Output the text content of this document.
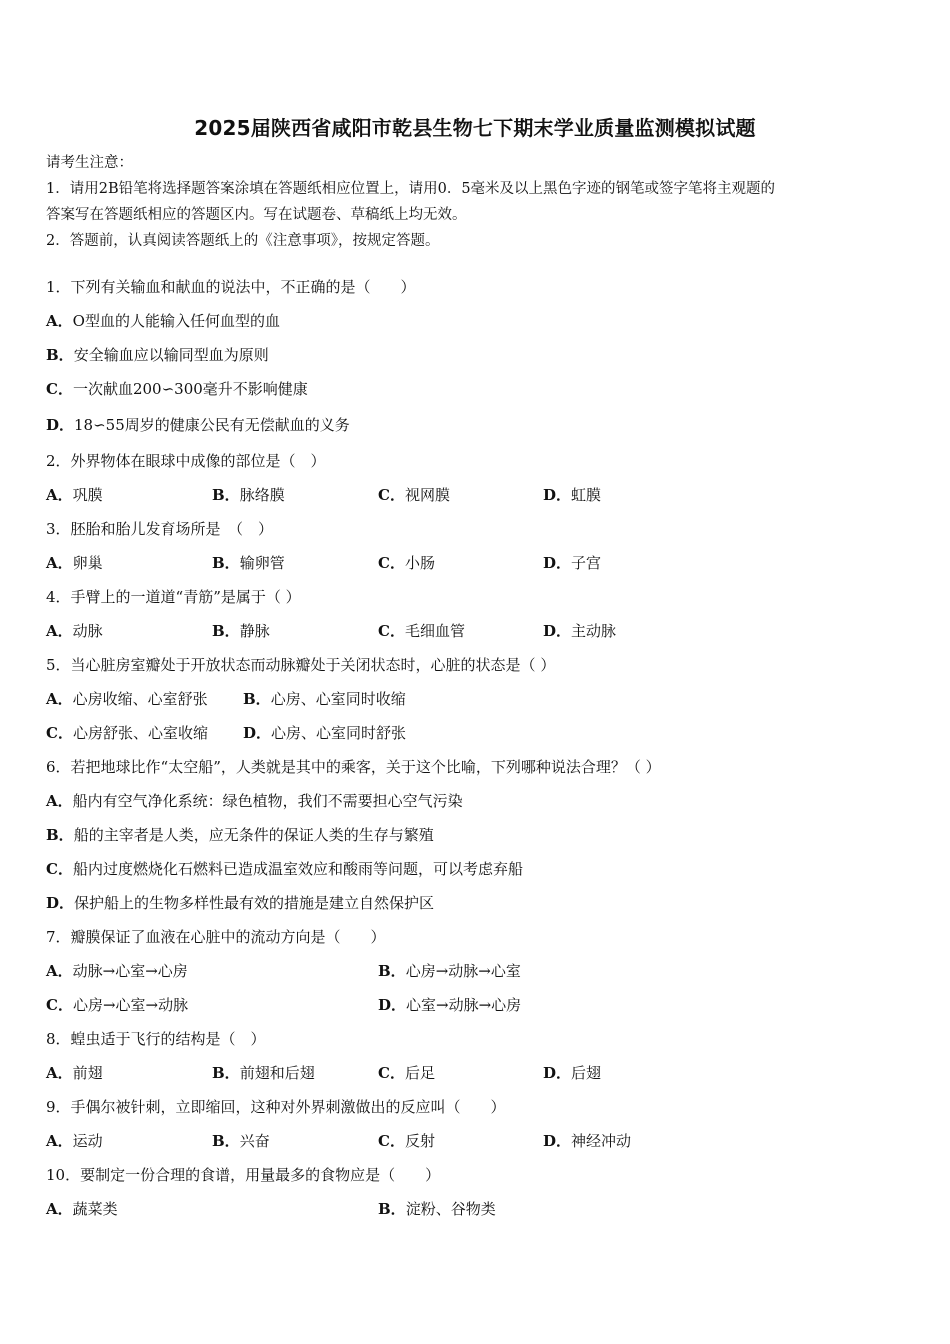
2025届陕西省咸阳市乾县生物七下期末学业质量监测模拟试题
请考生注意：
1．请用2B铅笔将选择题答案涂填在答题纸相应位置上，请用0．5毫米及以上黑色字迹的钢笔或签字笔将主观题的
答案写在答题纸相应的答题区内。写在试题卷、草稿纸上均无效。
2．答题前，认真阅读答题纸上的《注意事项》，按规定答题。
1．下列有关输血和献血的说法中，不正确的是（　　）
A．O型血的人能输入任何血型的血
B．安全输血应以输同型血为原则
C．一次献血200∽300毫升不影响健康
D．18∽55周岁的健康公民有无偿献血的义务
2．外界物体在眼球中成像的部位是（　）
A．巩膜	B．脉络膜	C．视网膜	D．虹膜
3．胚胎和胎儿发育场所是　（　）
A．卵巢	B．输卵管	C．小肠	D．子宫
4．手臂上的一道道“青筋”是属于（ ）
A．动脉	B．静脉	C．毛细血管	D．主动脉
5．当心脏房室瓣处于开放状态而动脉瓣处于关闭状态时，心脏的状态是（ ）
A．心房收缩、心室舒张 B．心房、心室同时收缩
C．心房舒张、心室收缩 D．心房、心室同时舒张
6．若把地球比作“太空船”，人类就是其中的乘客，关于这个比喻，下列哪种说法合理？（ ）
A．船内有空气净化系统：绿色植物，我们不需要担心空气污染
B．船的主宰者是人类，应无条件的保证人类的生存与繁殖
C．船内过度燃烧化石燃料已造成温室效应和酸雨等问题，可以考虑弃船
D．保护船上的生物多样性最有效的措施是建立自然保护区
7．瓣膜保证了血液在心脏中的流动方向是（　　）
A．动脉→心室→心房	B．心房→动脉→心室
C．心房→心室→动脉	D．心室→动脉→心房
8．蝗虫适于飞行的结构是（　）
A．前翅	B．前翅和后翅	C．后足	D．后翅
9．手偶尔被针刺，立即缩回，这种对外界刺激做出的反应叫（　　）
A．运动	B．兴奋	C．反射	D．神经冲动
10．要制定一份合理的食谱，用量最多的食物应是（　　）
A．蔬菜类	B．淀粉、谷物类
